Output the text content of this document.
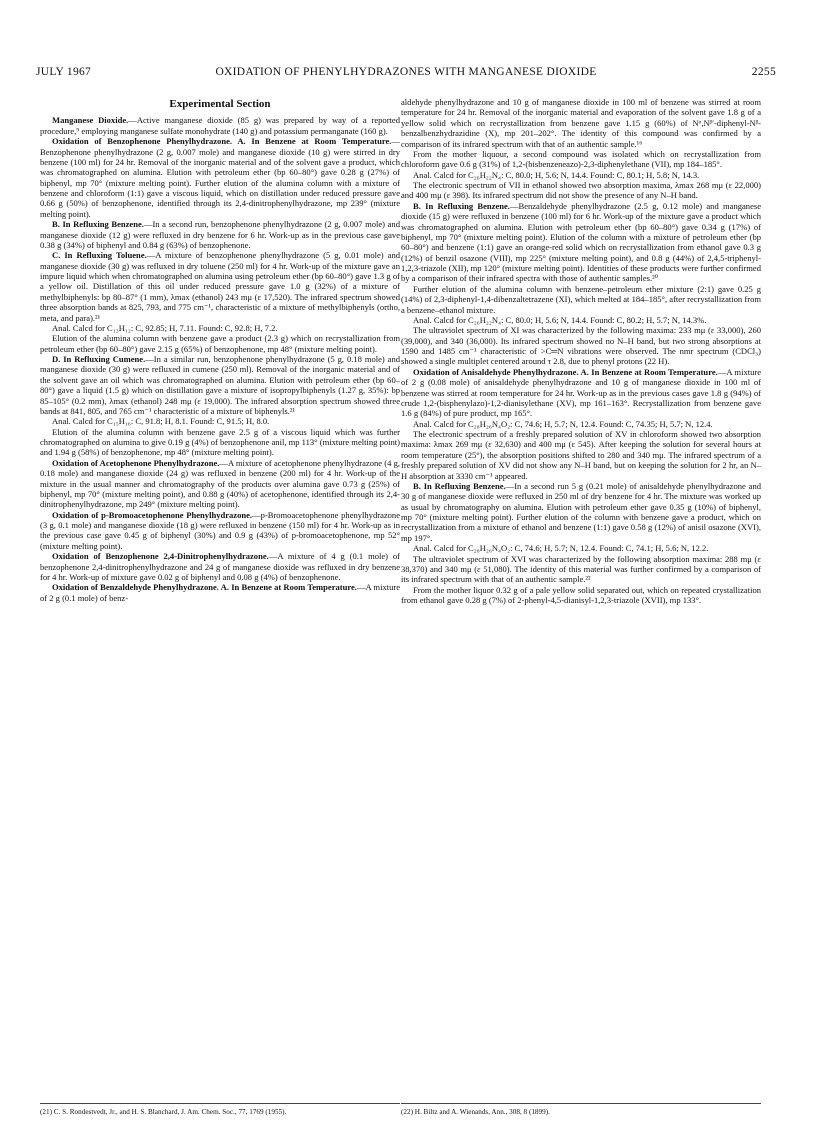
JULY 1967	OXIDATION OF PHENYLHYDRAZONES WITH MANGANESE DIOXIDE	2255
Experimental Section

Manganese Dioxide.—Active manganese dioxide (85 g) was prepared by way of a reported procedure,⁹ employing manganese sulfate monohydrate (140 g) and potassium permanganate (160 g).

Oxidation of Benzophenone Phenylhydrazone. A. In Benzene at Room Temperature.—Benzophenone phenylhydrazone (2 g, 0.007 mole) and manganese dioxide (10 g) were stirred in dry benzene (100 ml) for 24 hr. Removal of the inorganic material and of the solvent gave a product, which was chromatographed on alumina. Elution with petroleum ether (bp 60–80°) gave 0.28 g (27%) of biphenyl, mp 70° (mixture melting point). Further elution of the alumina column with a mixture of benzene and chloroform (1:1) gave a viscous liquid, which on distillation under reduced pressure gave 0.66 g (50%) of benzophenone, identified through its 2,4-dinitrophenylhydrazone, mp 239° (mixture melting point).

B. In Refluxing Benzene.—In a second run, benzophenone phenylhydrazone (2 g, 0.007 mole) and manganese dioxide (12 g) were refluxed in dry benzene for 6 hr. Work-up as in the previous case gave 0.38 g (34%) of biphenyl and 0.84 g (63%) of benzophenone.

C. In Refluxing Toluene.—A mixture of benzophenone phenylhydrazone (5 g, 0.01 mole) and manganese dioxide (30 g) was refluxed in dry toluene (250 ml) for 4 hr. Work-up of the mixture gave an impure liquid which when chromatographed on alumina using petroleum ether (bp 60–80°) gave 1.3 g of a yellow oil. Distillation of this oil under reduced pressure gave 1.0 g (32%) of a mixture of methylbiphenyls: bp 80–87° (1 mm), λmax (ethanol) 243 mμ (ε 17,520). The infrared spectrum showed three absorption bands at 825, 793, and 775 cm⁻¹, characteristic of a mixture of methylbiphenyls (ortho, meta, and para).²¹

Anal. Calcd for C₁₃H₁₂: C, 92.85; H, 7.11. Found: C, 92.8; H, 7.2.

Elution of the alumina column with benzene gave a product (2.3 g) which on recrystallization from petroleum ether (bp 60–80°) gave 2.15 g (65%) of benzophenone, mp 48° (mixture melting point).

D. In Refluxing Cumene.—In a similar run, benzophenone phenylhydrazone (5 g, 0.18 mole) and manganese dioxide (30 g) were refluxed in cumene (250 ml). Removal of the inorganic material and of the solvent gave an oil which was chromatographed on alumina. Elution with petroleum ether (bp 60–80°) gave a liquid (1.5 g) which on distillation gave a mixture of isopropylbiphenyls (1.27 g, 35%): bp 85–105° (0.2 mm), λmax (ethanol) 248 mμ (ε 19,000). The infrared absorption spectrum showed three bands at 841, 805, and 765 cm⁻¹ characteristic of a mixture of biphenyls.²¹

Anal. Calcd for C₁₅H₁₆: C, 91.8; H, 8.1. Found: C, 91.5; H, 8.0.

Elution of the alumina column with benzene gave 2.5 g of a viscous liquid which was further chromatographed on alumina to give 0.19 g (4%) of benzophenone anil, mp 113° (mixture melting point) and 1.94 g (58%) of benzophenone, mp 48° (mixture melting point).

Oxidation of Acetophenone Phenylhydrazone.—A mixture of acetophenone phenylhydrazone (4 g, 0.18 mole) and manganese dioxide (24 g) was refluxed in benzene (200 ml) for 4 hr. Work-up of the mixture in the usual manner and chromatography of the products over alumina gave 0.73 g (25%) of biphenyl, mp 70° (mixture melting point), and 0.88 g (40%) of acetophenone, identified through its 2,4-dinitrophenylhydrazone, mp 249° (mixture melting point).

Oxidation of p-Bromoacetophenone Phenylhydrazone.—p-Bromoacetophenone phenylhydrazone (3 g, 0.1 mole) and manganese dioxide (18 g) were refluxed in benzene (150 ml) for 4 hr. Work-up as in the previous case gave 0.45 g of biphenyl (30%) and 0.9 g (43%) of p-bromoacetophenone, mp 52° (mixture melting point).

Oxidation of Benzophenone 2,4-Dinitrophenylhydrazone.—A mixture of 4 g (0.1 mole) of benzophenone 2,4-dinitrophenylhydrazone and 24 g of manganese dioxide was refluxed in dry benzene for 4 hr. Work-up of mixture gave 0.02 g of biphenyl and 0.08 g (4%) of benzophenone.

Oxidation of Benzaldehyde Phenylhydrazone. A. In Benzene at Room Temperature.—A mixture of 2 g (0.1 mole) of benz-

aldehyde phenylhydrazone and 10 g of manganese dioxide in 100 ml of benzene was stirred at room temperature for 24 hr. Removal of the inorganic material and evaporation of the solvent gave 1.8 g of a yellow solid which on recrystallization from benzene gave 1.15 g (60%) of Nᵅ,Nᵝ′-diphenyl-Nᵝ-benzalbenzhydrazidine (X), mp 201–202°. The identity of this compound was confirmed by a comparison of its infrared spectrum with that of an authentic sample.¹⁶

From the mother liquour, a second compound was isolated which on recrystallization from chloroform gave 0.6 g (31%) of 1,2-(bisbenzeneazo)-2,3-diphenylethane (VII), mp 184–185°.

Anal. Calcd for C₂₆H₂₂N₄: C, 80.0; H, 5.6; N, 14.4. Found: C, 80.1; H, 5.8; N, 14.3.

The electronic spectrum of VII in ethanol showed two absorption maxima, λmax 268 mμ (ε 22,000) and 400 mμ (ε 398). Its infrared spectrum did not show the presence of any N–H band.

B. In Refluxing Benzene.—Benzaldehyde phenylhydrazone (2.5 g, 0.12 mole) and manganese dioxide (15 g) were refluxed in benzene (100 ml) for 6 hr. Work-up of the mixture gave a product which was chromatographed on alumina. Elution with petroleum ether (bp 60–80°) gave 0.34 g (17%) of biphenyl, mp 70° (mixture melting point). Elution of the column with a mixture of petroleum ether (bp 60–80°) and benzene (1:1) gave an orange-red solid which on recrystallization from ethanol gave 0.3 g (12%) of benzil osazone (VIII), mp 225° (mixture melting point), and 0.8 g (44%) of 2,4,5-triphenyl-1,2,3-triazole (XII), mp 120° (mixture melting point). Identities of these products were further confirmed by a comparison of their infrared spectra with those of authentic samples.²⁰

Further elution of the alumina column with benzene–petroleum ether mixture (2:1) gave 0.25 g (14%) of 2,3-diphenyl-1,4-dibenzaltetrazene (XI), which melted at 184–185°, after recrystallization from a benzene–ethanol mixture.

Anal. Calcd for C₂₆H₂₂N₄: C, 80.0; H, 5.6; N, 14.4. Found: C, 80.2; H, 5.7; N, 14.3%.

The ultraviolet spectrum of XI was characterized by the following maxima: 233 mμ (ε 33,000), 260 (39,000), and 340 (36,000). Its infrared spectrum showed no N–H band, but two strong absorptions at 1590 and 1485 cm⁻¹ characteristic of >C═N vibrations were observed. The nmr spectrum (CDCl₃) showed a single multiplet centered around τ 2.8, due to phenyl protons (22 H).

Oxidation of Anisaldehyde Phenylhydrazone. A. In Benzene at Room Temperature.—A mixture of 2 g (0.08 mole) of anisaldehyde phenylhydrazone and 10 g of manganese dioxide in 100 ml of benzene was stirred at room temperature for 24 hr. Work-up as in the previous cases gave 1.8 g (94%) of crude 1,2-(bisphenylazo)-1,2-dianisylethane (XV), mp 161–163°. Recrystallization from benzene gave 1.6 g (84%) of pure product, mp 165°.

Anal. Calcd for C₂₈H₂₆N₄O₂: C, 74.6; H, 5.7; N, 12.4. Found: C, 74.35; H, 5.7; N, 12.4.

The electronic spectrum of a freshly prepared solution of XV in chloroform showed two absorption maxima: λmax 269 mμ (ε 32,630) and 400 mμ (ε 545). After keeping the solution for several hours at room temperature (25°), the absorption positions shifted to 280 and 340 mμ. The infrared spectrum of a freshly prepared solution of XV did not show any N–H band, but on keeping the solution for 2 hr, an N–H absorption at 3330 cm⁻¹ appeared.

B. In Refluxing Benzene.—In a second run 5 g (0.21 mole) of anisaldehyde phenylhydrazone and 30 g of manganese dioxide were refluxed in 250 ml of dry benzene for 4 hr. The mixture was worked up as usual by chromatography on alumina. Elution with petroleum ether gave 0.35 g (10%) of biphenyl, mp 70° (mixture melting point). Further elution of the column with benzene gave a product, which on recrystallization from a mixture of ethanol and benzene (1:1) gave 0.58 g (12%) of anisil osazone (XVI), mp 197°.

Anal. Calcd for C₂₈H₂₆N₄O₂: C, 74.6; H, 5.7; N, 12.4. Found: C, 74.1; H, 5.6; N, 12.2.

The ultraviolet spectrum of XVI was characterized by the following absorption maxima: 288 mμ (ε 38,370) and 340 mμ (ε 51,080). The identity of this material was further confirmed by a comparison of its infrared spectrum with that of an authentic sample.²²

From the mother liquor 0.32 g of a pale yellow solid separated out, which on repeated crystallization from ethanol gave 0.28 g (7%) of 2-phenyl-4,5-dianisyl-1,2,3-triazole (XVII), mp 133°.

(21) C. S. Rondestvedt, Jr., and H. S. Blanchard, J. Am. Chem. Soc., 77, 1769 (1955).	(22) H. Biltz and A. Wienands, Ann., 308, 8 (1899).
